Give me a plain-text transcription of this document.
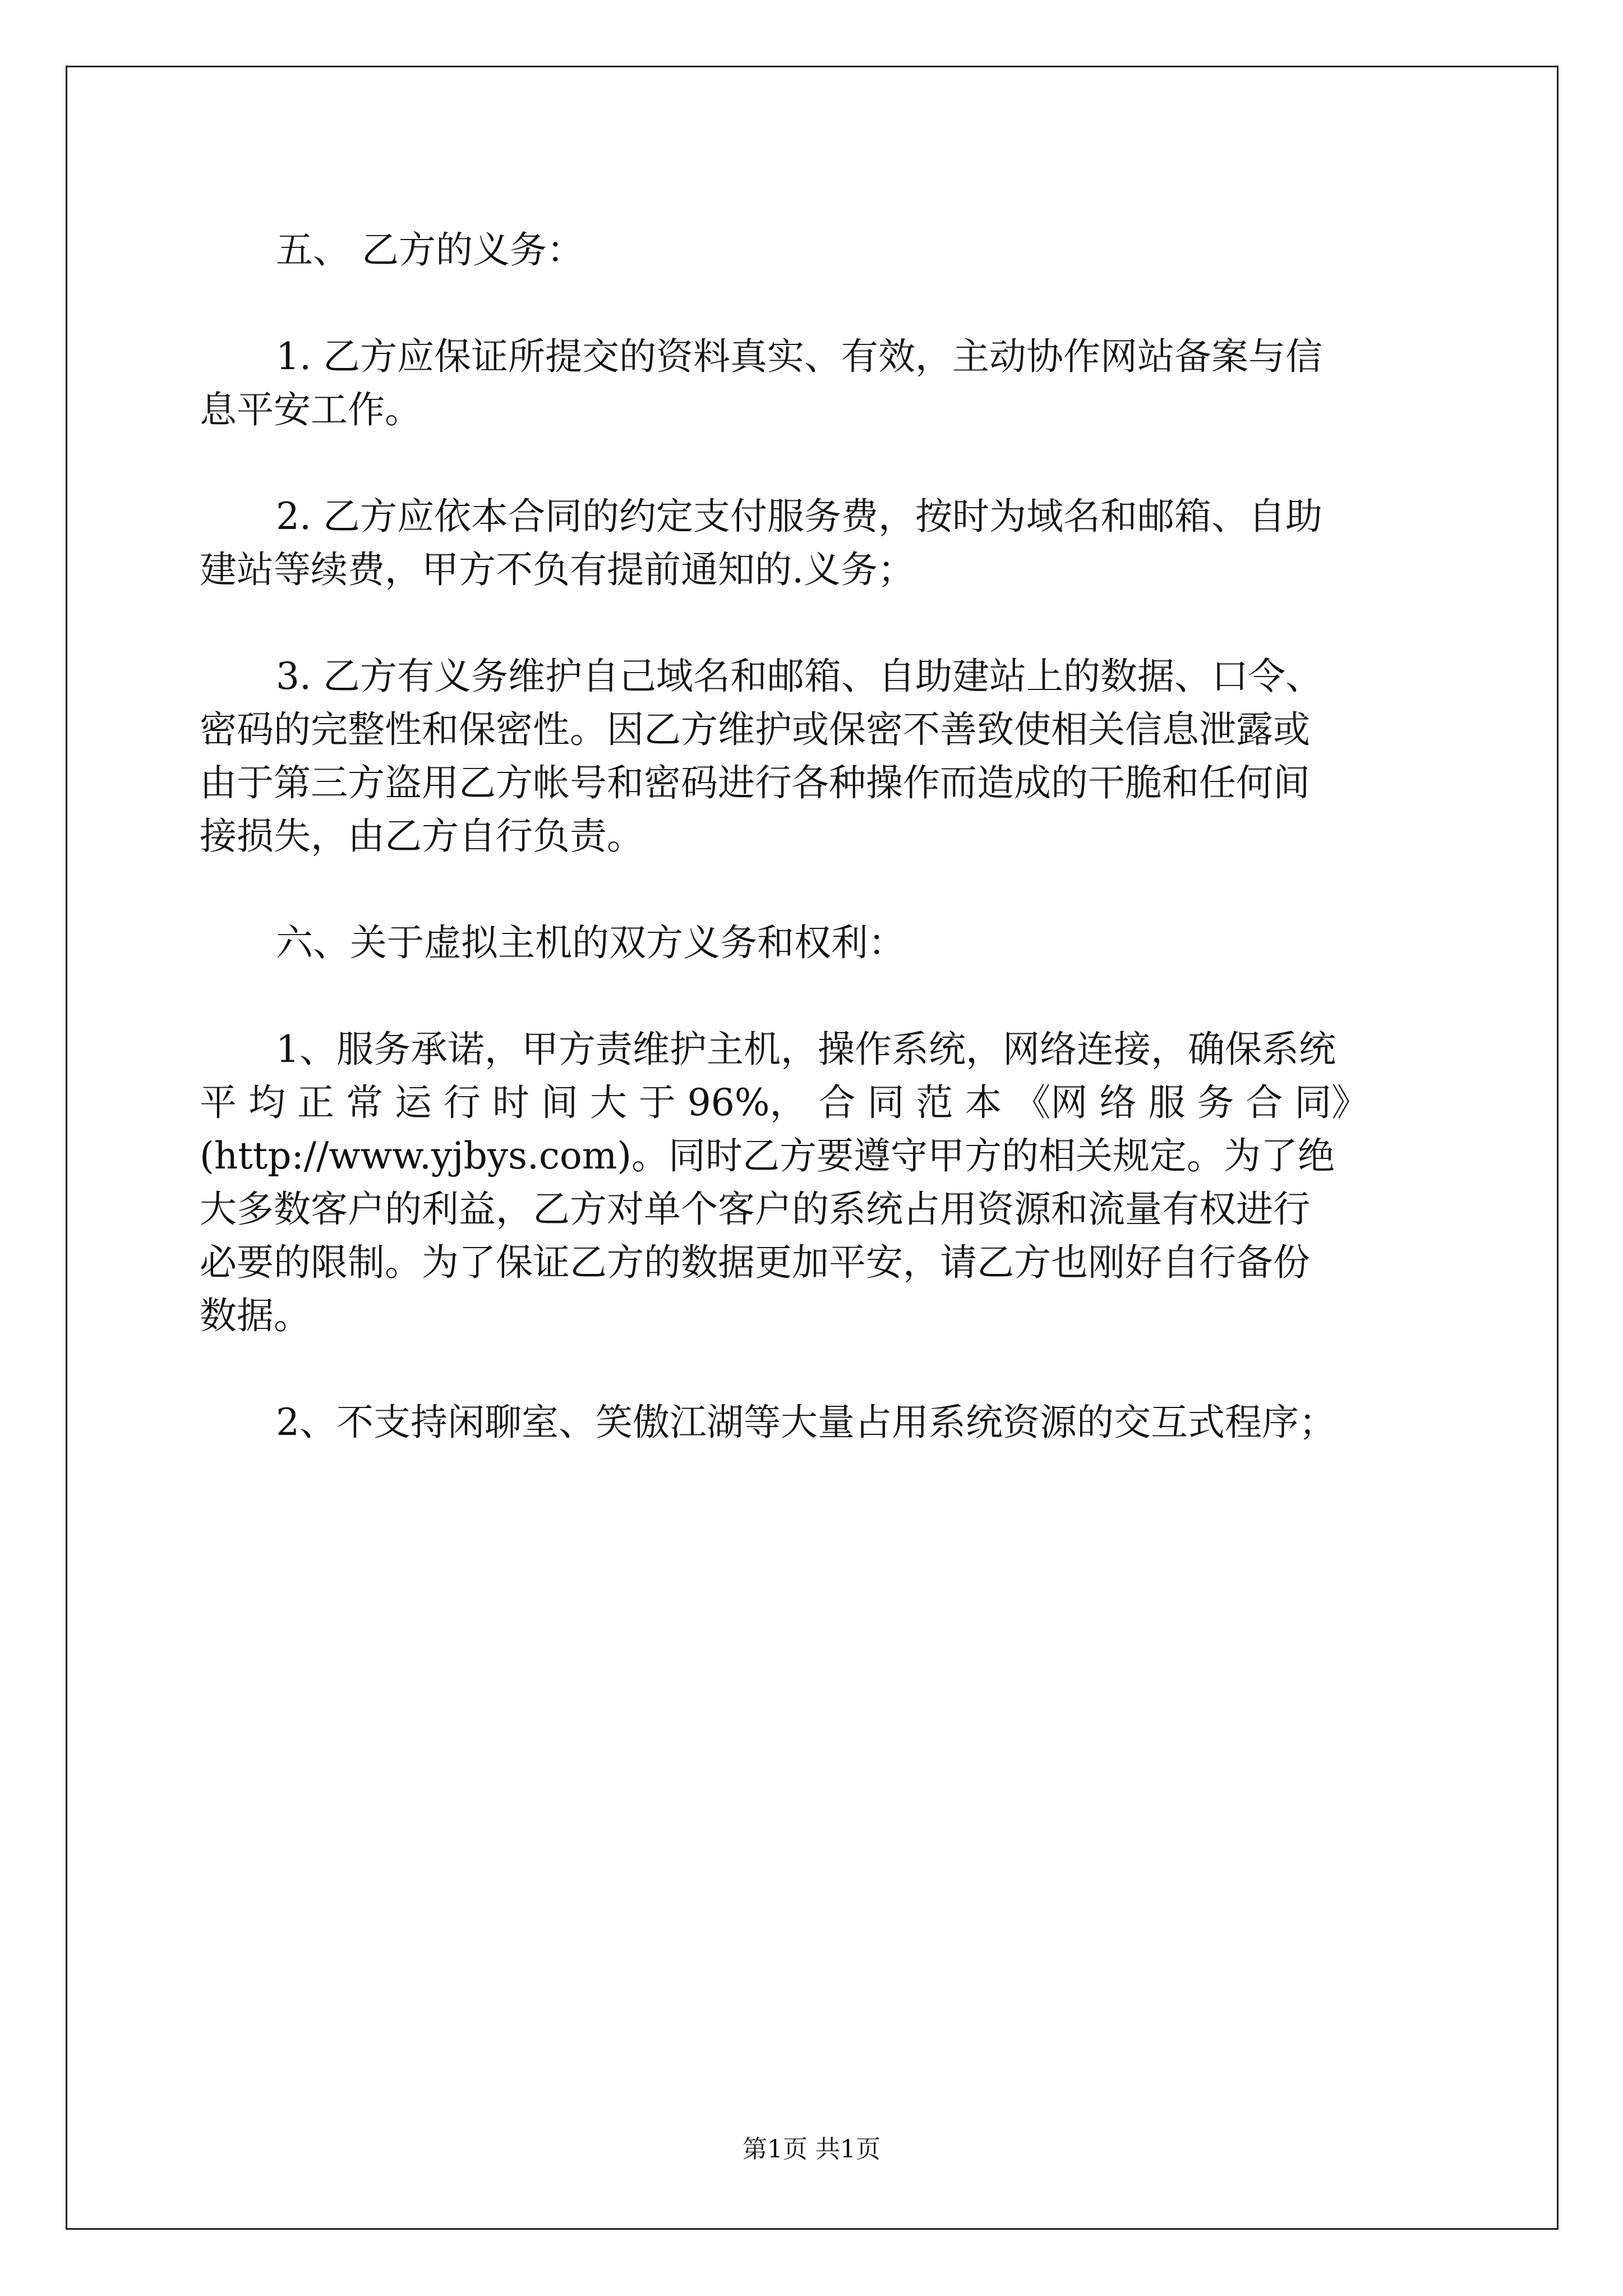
五、 乙方的义务：
1. 乙方应保证所提交的资料真实、有效，主动协作网站备案与信
息平安工作。
2. 乙方应依本合同的约定支付服务费，按时为域名和邮箱、自助
建站等续费，甲方不负有提前通知的.义务；
3. 乙方有义务维护自己域名和邮箱、自助建站上的数据、口令、
密码的完整性和保密性。因乙方维护或保密不善致使相关信息泄露或
由于第三方盗用乙方帐号和密码进行各种操作而造成的干脆和任何间
接损失，由乙方自行负责。
六、关于虚拟主机的双方义务和权利：
1、服务承诺，甲方责维护主机，操作系统，网络连接，确保系统
平 均 正 常 运 行 时 间 大 于 96%， 合 同 范 本 《网 络 服 务 合 同》
(http://www.yjbys.com)。同时乙方要遵守甲方的相关规定。为了绝
大多数客户的利益，乙方对单个客户的系统占用资源和流量有权进行
必要的限制。为了保证乙方的数据更加平安，请乙方也刚好自行备份
数据。
2、不支持闲聊室、笑傲江湖等大量占用系统资源的交互式程序；
第1页 共1页
